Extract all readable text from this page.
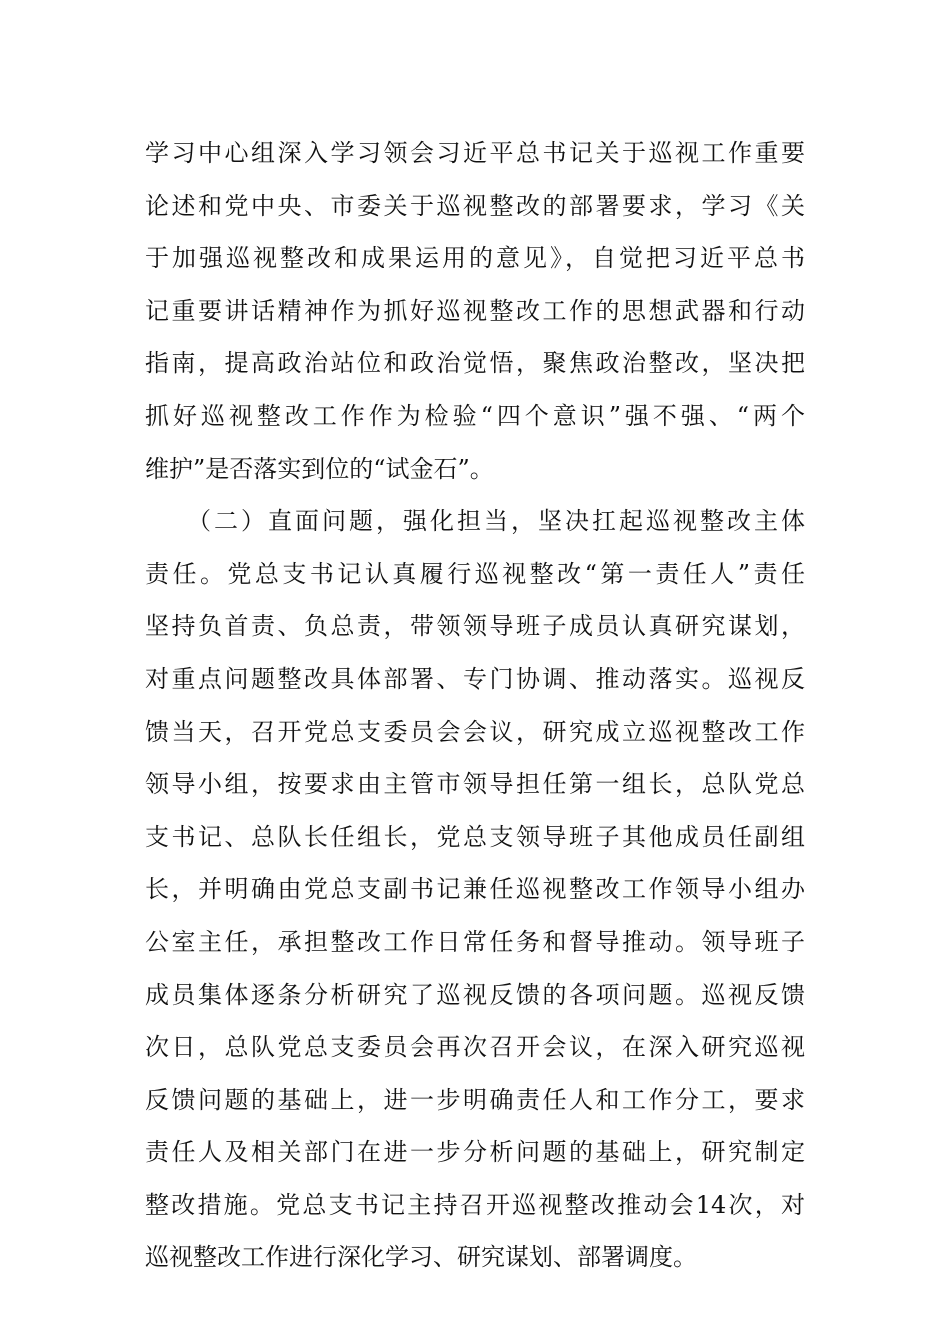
学习中心组深入学习领会习近平总书记关于巡视工作重要
论述和党中央、市委关于巡视整改的部署要求，学习《关
于加强巡视整改和成果运用的意见》，自觉把习近平总书
记重要讲话精神作为抓好巡视整改工作的思想武器和行动
指南，提高政治站位和政治觉悟，聚焦政治整改，坚决把
抓好巡视整改工作作为检验“四个意识”强不强、“两个
维护”是否落实到位的“试金石”。
　　（二）直面问题，强化担当，坚决扛起巡视整改主体
责任。党总支书记认真履行巡视整改“第一责任人”责任
坚持负首责、负总责，带领领导班子成员认真研究谋划，
对重点问题整改具体部署、专门协调、推动落实。巡视反
馈当天，召开党总支委员会会议，研究成立巡视整改工作
领导小组，按要求由主管市领导担任第一组长，总队党总
支书记、总队长任组长，党总支领导班子其他成员任副组
长，并明确由党总支副书记兼任巡视整改工作领导小组办
公室主任，承担整改工作日常任务和督导推动。领导班子
成员集体逐条分析研究了巡视反馈的各项问题。巡视反馈
次日，总队党总支委员会再次召开会议，在深入研究巡视
反馈问题的基础上，进一步明确责任人和工作分工，要求
责任人及相关部门在进一步分析问题的基础上，研究制定
整改措施。党总支书记主持召开巡视整改推动会14次，对
巡视整改工作进行深化学习、研究谋划、部署调度。
